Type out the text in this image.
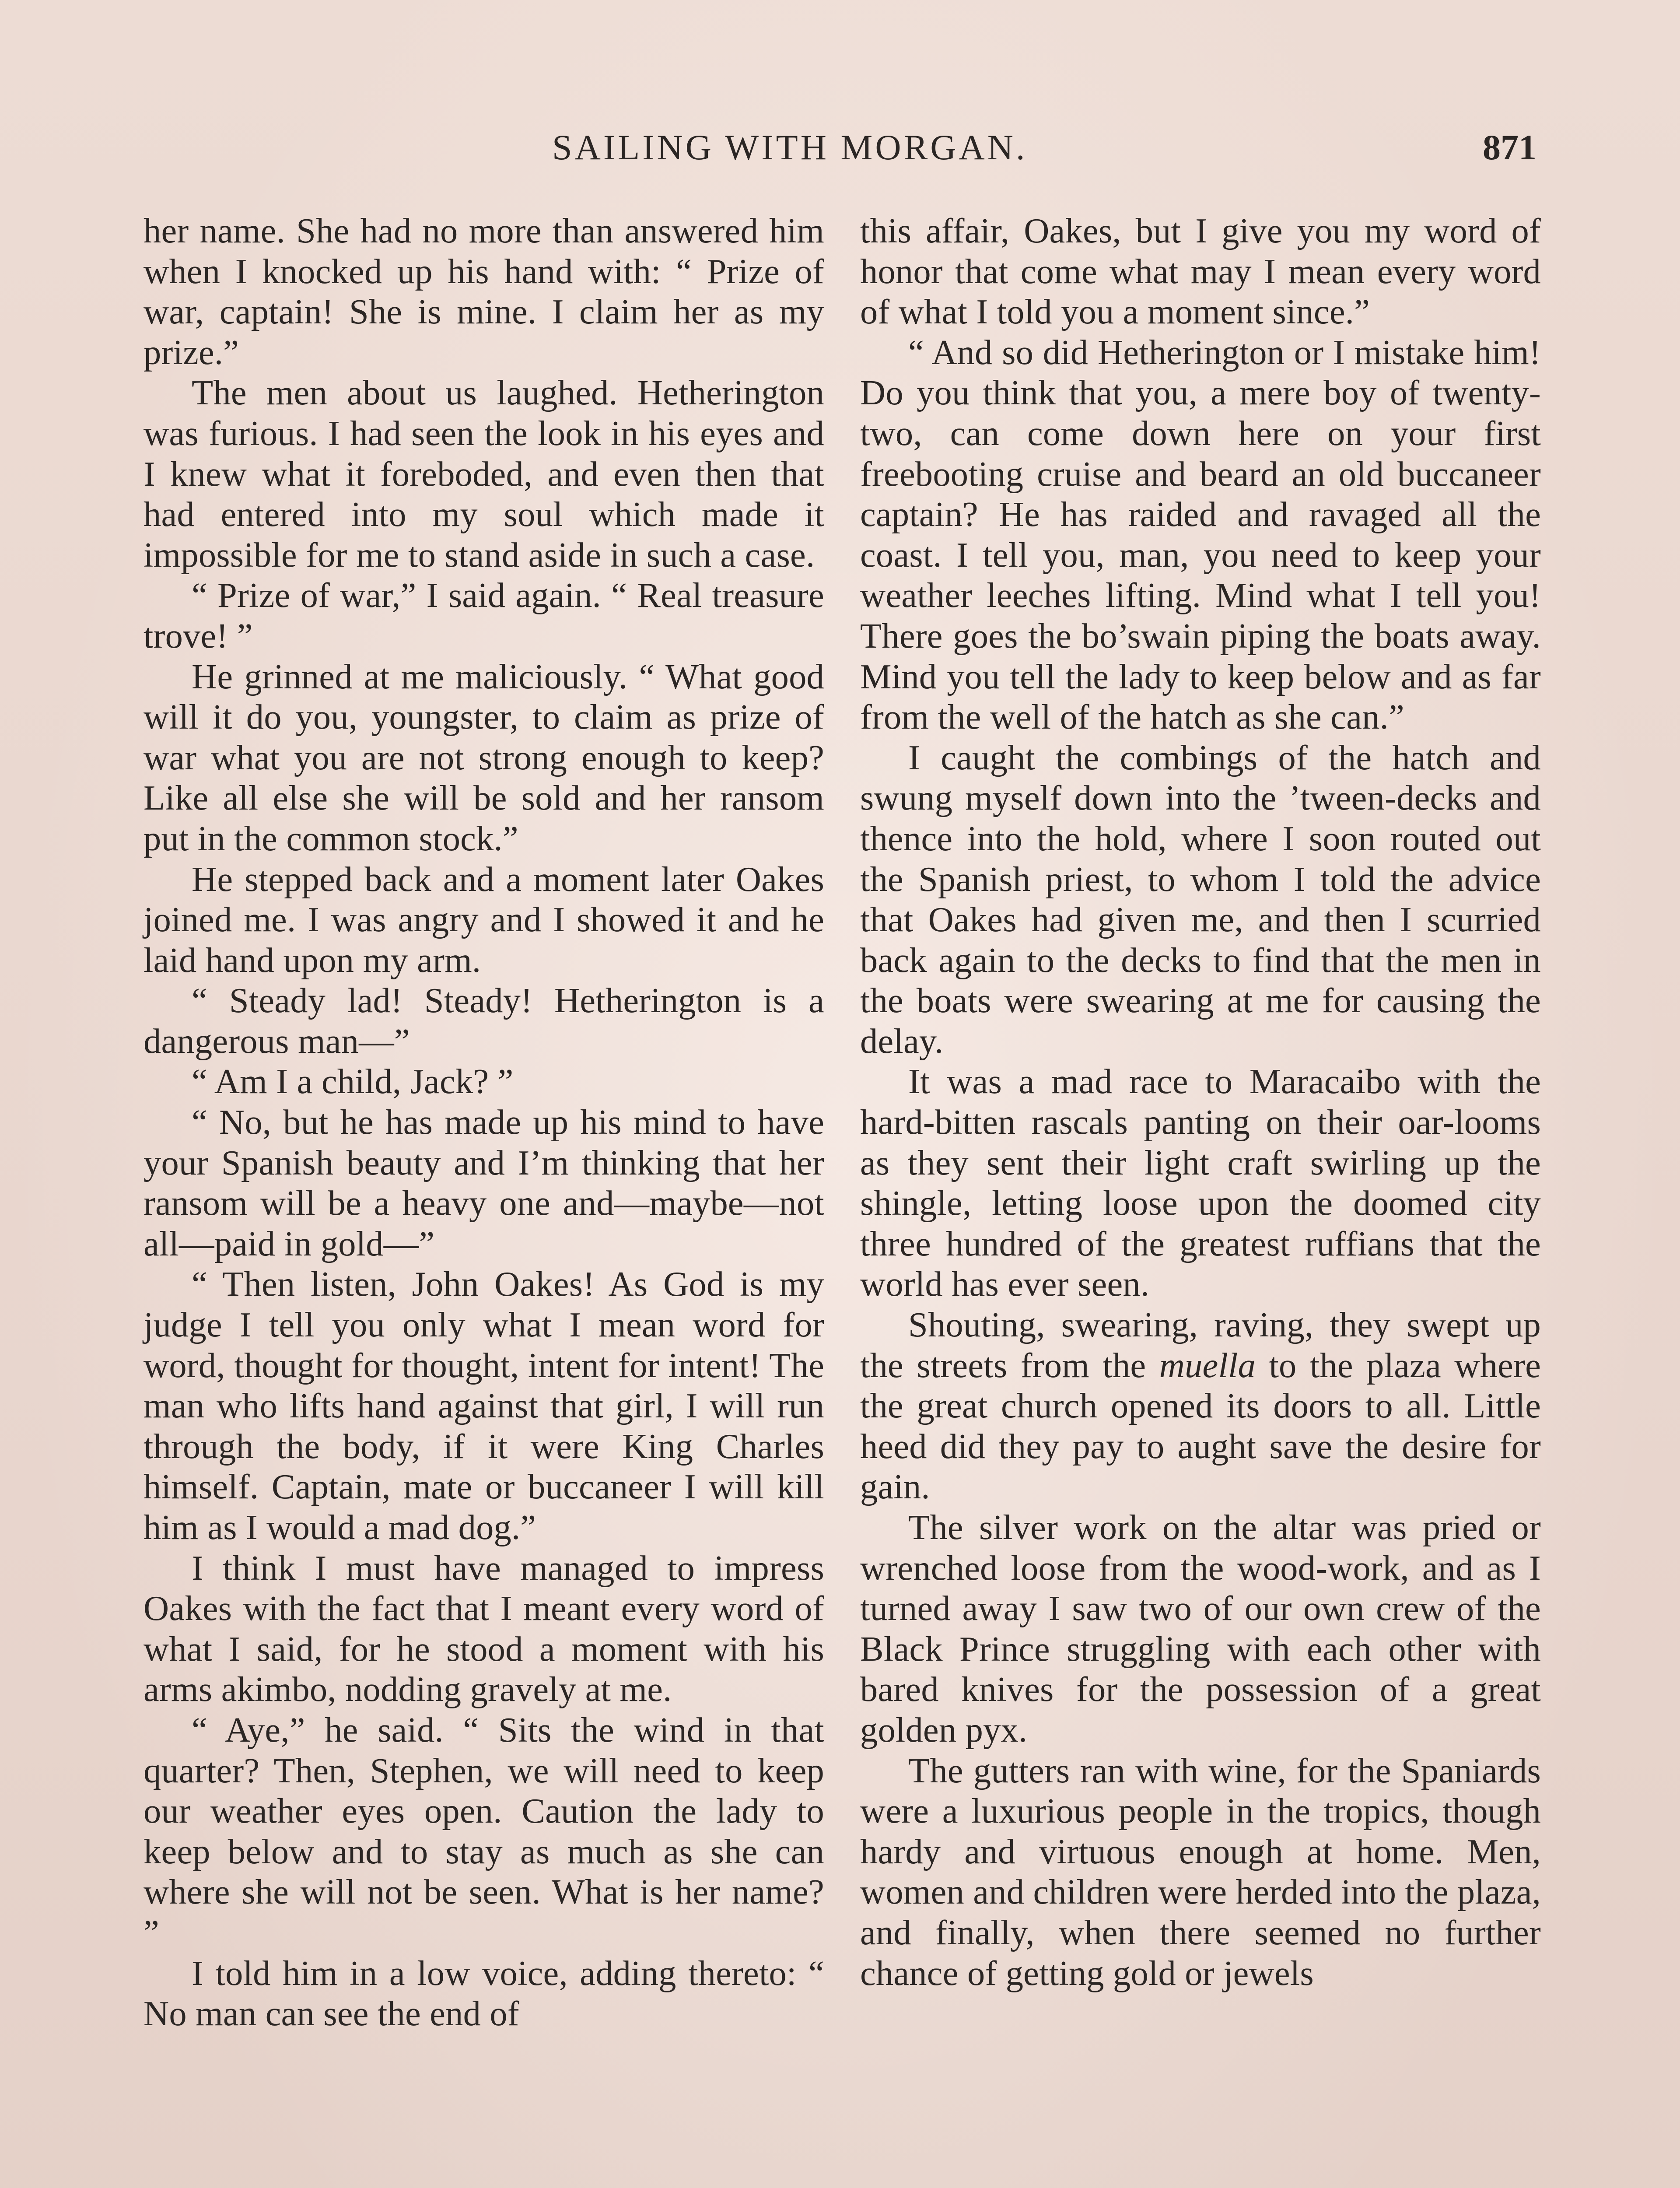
SAILING WITH MORGAN.	871

her name. She had no more than answered him when I knocked up his hand with: “ Prize of war, captain! She is mine. I claim her as my prize.”

The men about us laughed. Hetherington was furious. I had seen the look in his eyes and I knew what it foreboded, and even then that had entered into my soul which made it impossible for me to stand aside in such a case.

“ Prize of war,” I said again. “ Real treasure trove! ”

He grinned at me maliciously. “ What good will it do you, youngster, to claim as prize of war what you are not strong enough to keep? Like all else she will be sold and her ransom put in the common stock.”

He stepped back and a moment later Oakes joined me. I was angry and I showed it and he laid hand upon my arm.

“ Steady lad! Steady! Hetherington is a dangerous man—”

“ Am I a child, Jack? ”

“ No, but he has made up his mind to have your Spanish beauty and I’m thinking that her ransom will be a heavy one and—maybe—not all—paid in gold—”

“ Then listen, John Oakes! As God is my judge I tell you only what I mean word for word, thought for thought, intent for intent! The man who lifts hand against that girl, I will run through the body, if it were King Charles himself. Captain, mate or buccaneer I will kill him as I would a mad dog.”

I think I must have managed to impress Oakes with the fact that I meant every word of what I said, for he stood a moment with his arms akimbo, nodding gravely at me.

“ Aye,” he said. “ Sits the wind in that quarter? Then, Stephen, we will need to keep our weather eyes open. Caution the lady to keep below and to stay as much as she can where she will not be seen. What is her name? ”

I told him in a low voice, adding thereto: “ No man can see the end of

this affair, Oakes, but I give you my word of honor that come what may I mean every word of what I told you a moment since.”

“ And so did Hetherington or I mistake him! Do you think that you, a mere boy of twenty-two, can come down here on your first freebooting cruise and beard an old buccaneer captain? He has raided and ravaged all the coast. I tell you, man, you need to keep your weather leeches lifting. Mind what I tell you! There goes the bo’swain piping the boats away. Mind you tell the lady to keep below and as far from the well of the hatch as she can.”

I caught the combings of the hatch and swung myself down into the ’tween-decks and thence into the hold, where I soon routed out the Spanish priest, to whom I told the advice that Oakes had given me, and then I scurried back again to the decks to find that the men in the boats were swearing at me for causing the delay.

It was a mad race to Maracaibo with the hard-bitten rascals panting on their oar-looms as they sent their light craft swirling up the shingle, letting loose upon the doomed city three hundred of the greatest ruffians that the world has ever seen.

Shouting, swearing, raving, they swept up the streets from the muella to the plaza where the great church opened its doors to all. Little heed did they pay to aught save the desire for gain.

The silver work on the altar was pried or wrenched loose from the wood-work, and as I turned away I saw two of our own crew of the Black Prince struggling with each other with bared knives for the possession of a great golden pyx.

The gutters ran with wine, for the Spaniards were a luxurious people in the tropics, though hardy and virtuous enough at home. Men, women and children were herded into the plaza, and finally, when there seemed no further chance of getting gold or jewels
